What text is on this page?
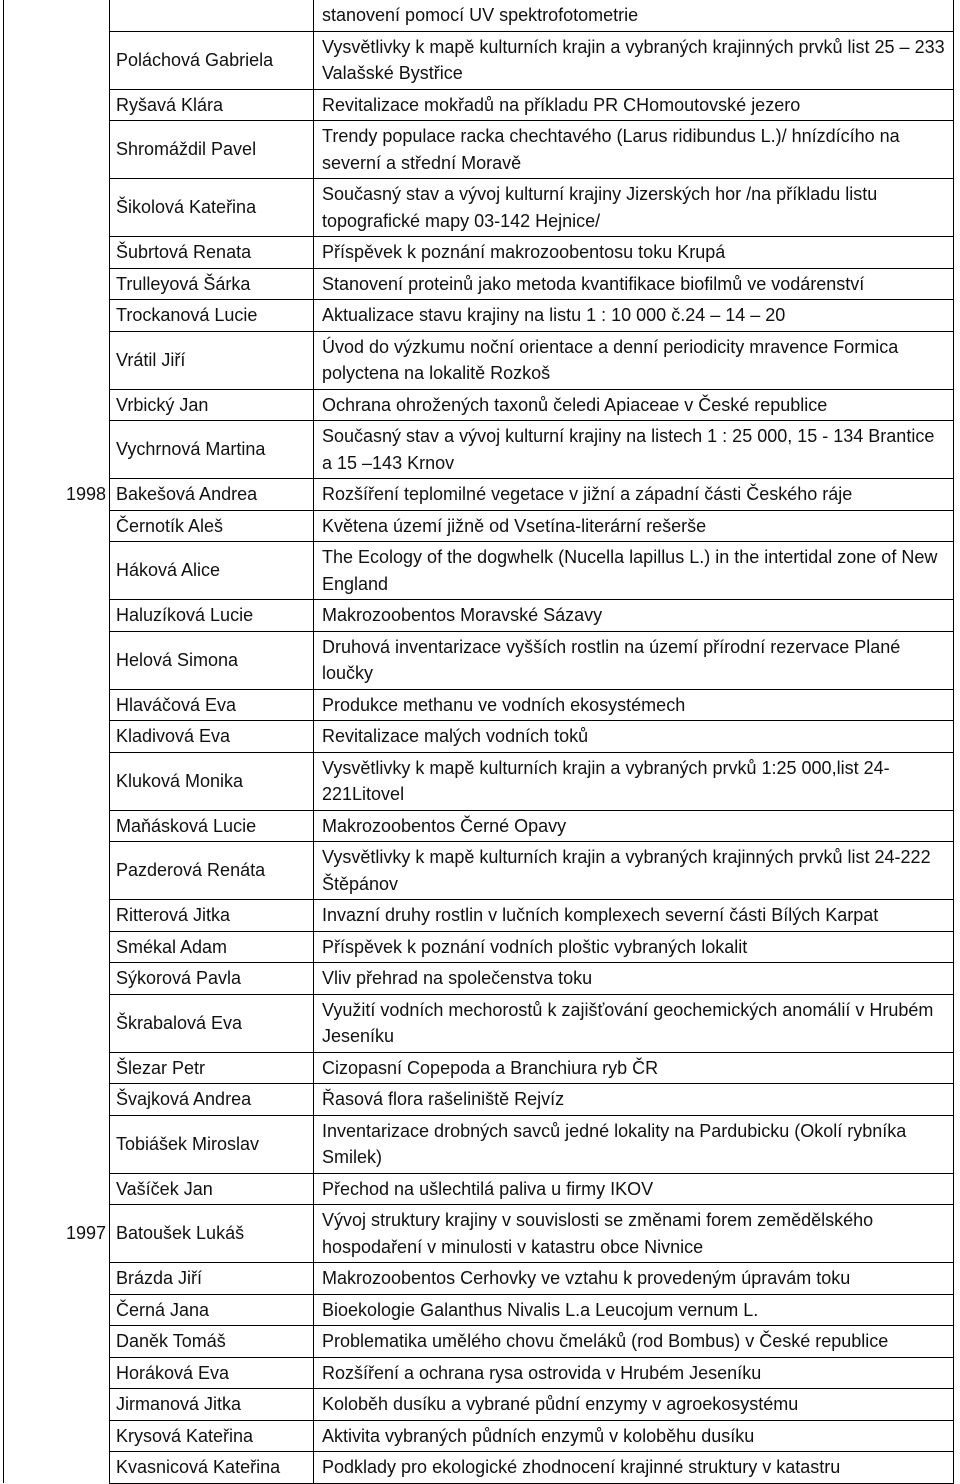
		stanovení pomocí UV spektrofotometrie
	Poláchová Gabriela	Vysvětlivky k mapě kulturních krajin a vybraných krajinných prvků list 25 – 233 Valašské Bystřice
	Ryšavá Klára	Revitalizace mokřadů na příkladu PR CHomoutovské jezero
	Shromáždil Pavel	Trendy populace racka chechtavého (Larus ridibundus L.)/ hnízdícího na severní a střední Moravě
	Šikolová Kateřina	Současný stav a vývoj kulturní krajiny Jizerských hor /na příkladu listu topografické mapy 03-142 Hejnice/
	Šubrtová Renata	Příspěvek k poznání makrozoobentosu toku Krupá
	Trulleyová Šárka	Stanovení proteinů jako metoda kvantifikace biofilmů ve vodárenství
	Trockanová Lucie	Aktualizace stavu krajiny na listu 1 : 10 000 č.24 – 14 – 20
	Vrátil Jiří	Úvod do výzkumu noční orientace a denní periodicity mravence Formica polyctena na lokalitě Rozkoš
	Vrbický Jan	Ochrana ohrožených taxonů čeledi Apiaceae v České republice
	Vychrnová Martina	Současný stav a vývoj kulturní krajiny na listech 1 : 25 000, 15 - 134 Brantice a 15 –143 Krnov
1998	Bakešová Andrea	Rozšíření teplomilné vegetace v jižní a západní části Českého ráje
	Černotík Aleš	Květena území jižně od Vsetína-literární rešerše
	Háková Alice	The Ecology of the dogwhelk (Nucella lapillus L.) in the intertidal zone of New England
	Haluzíková Lucie	Makrozoobentos Moravské Sázavy
	Helová Simona	Druhová inventarizace vyšších rostlin na území přírodní rezervace Plané loučky
	Hlaváčová Eva	Produkce methanu ve vodních ekosystémech
	Kladivová Eva	Revitalizace malých vodních toků
	Kluková Monika	Vysvětlivky k mapě kulturních krajin a vybraných prvků 1:25 000,list 24-221Litovel
	Maňásková Lucie	Makrozoobentos Černé Opavy
	Pazderová Renáta	Vysvětlivky k mapě kulturních krajin a vybraných krajinných prvků list 24-222 Štěpánov
	Ritterová Jitka	Invazní druhy rostlin v lučních komplexech severní části Bílých Karpat
	Smékal Adam	Příspěvek k poznání vodních ploštic vybraných lokalit
	Sýkorová Pavla	Vliv přehrad na společenstva toku
	Škrabalová Eva	Využití vodních mechorostů k zajišťování geochemických anomálií v Hrubém Jeseníku
	Šlezar Petr	Cizopasní Copepoda a Branchiura ryb ČR
	Švajková Andrea	Řasová flora rašeliniště Rejvíz
	Tobiášek Miroslav	Inventarizace drobných savců jedné lokality na Pardubicku (Okolí rybníka Smilek)
	Vašíček Jan	Přechod na ušlechtilá paliva u firmy IKOV
1997	Batoušek Lukáš	Vývoj struktury krajiny v souvislosti se změnami forem zemědělského hospodaření v minulosti v katastru obce Nivnice
	Brázda Jiří	Makrozoobentos Cerhovky ve vztahu k provedeným úpravám toku
	Černá Jana	Bioekologie Galanthus Nivalis L.a Leucojum vernum L.
	Daněk Tomáš	Problematika umělého chovu čmeláků (rod Bombus) v České republice
	Horáková Eva	Rozšíření a ochrana rysa ostrovida v Hrubém Jeseníku
	Jirmanová Jitka	Koloběh dusíku a vybrané půdní enzymy v agroekosystému
	Krysová Kateřina	Aktivita vybraných půdních enzymů v koloběhu dusíku
	Kvasnicová Kateřina	Podklady pro ekologické zhodnocení krajinné struktury v katastru
